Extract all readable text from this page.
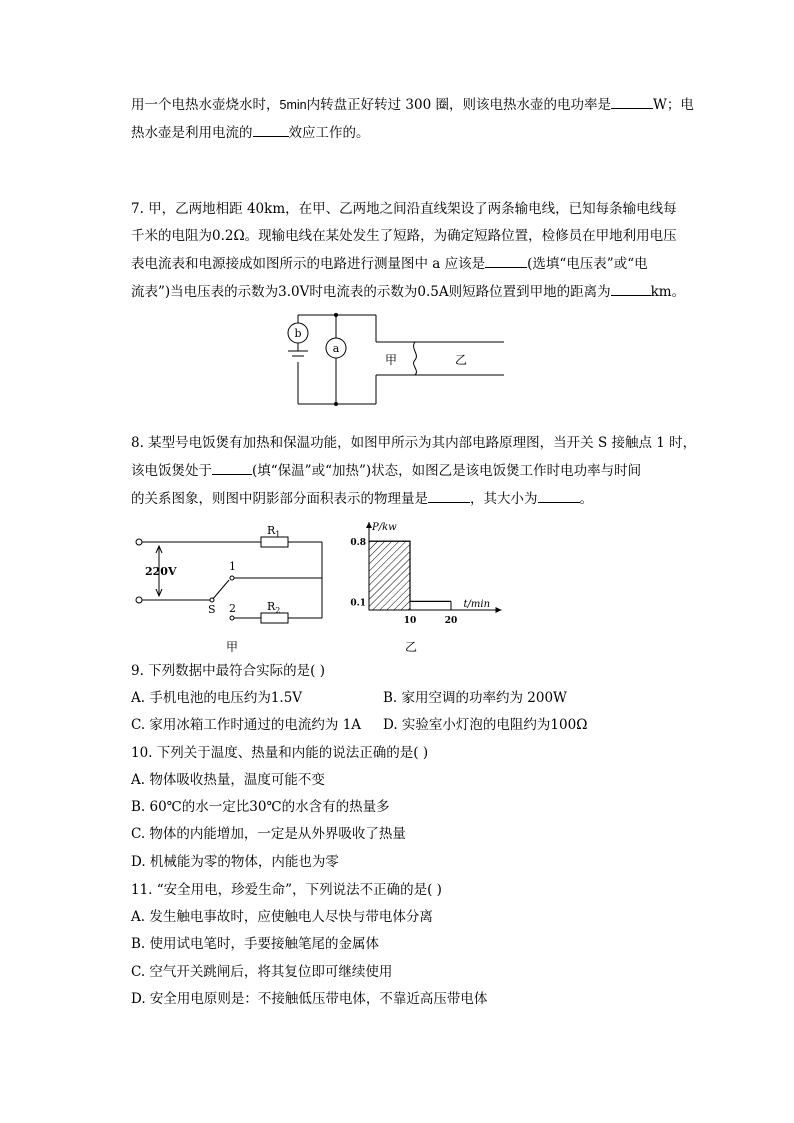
用一个电热水壶烧水时，5min内转盘正好转过 300 圈，则该电热水壶的电功率是	W；电
热水壶是利用电流的	效应工作的。
7. 甲，乙两地相距 40km，在甲、乙两地之间沿直线架设了两条输电线，已知每条输电线每
千米的电阻为0.2Ω。现输电线在某处发生了短路，为确定短路位置，检修员在甲地利用电压
表电流表和电源接成如图所示的电路进行测量图中 a 应该是	(选填“电压表”或“电
流表”)当电压表的示数为3.0V时电流表的示数为0.5A则短路位置到甲地的距离为	km。
b
a
甲	乙
8. 某型号电饭煲有加热和保温功能，如图甲所示为其内部电路原理图，当开关 S 接触点 1 时，
该电饭煲处于	(填“保温”或“加热”)状态，如图乙是该电饭煲工作时电功率与时间
的关系图象，则图中阴影部分面积表示的物理量是	，其大小为	。
$R_1$
$R_2$
220V	1
2
S
甲
0.8
0.1
10	20
t/min
P/kw
乙
9. 下列数据中最符合实际的是( )
A. 手机电池的电压约为1.5V	B. 家用空调的功率约为 200W
C. 家用冰箱工作时通过的电流约为 1A D. 实验室小灯泡的电阻约为100Ω
10. 下列关于温度、热量和内能的说法正确的是( )
A. 物体吸收热量，温度可能不变
B. 60℃的水一定比30℃的水含有的热量多
C. 物体的内能增加，一定是从外界吸收了热量
D. 机械能为零的物体，内能也为零
11. “安全用电，珍爱生命”，下列说法不正确的是( )
A. 发生触电事故时，应使触电人尽快与带电体分离
B. 使用试电笔时，手要接触笔尾的金属体
C. 空气开关跳闸后，将其复位即可继续使用
D. 安全用电原则是：不接触低压带电体，不靠近高压带电体
